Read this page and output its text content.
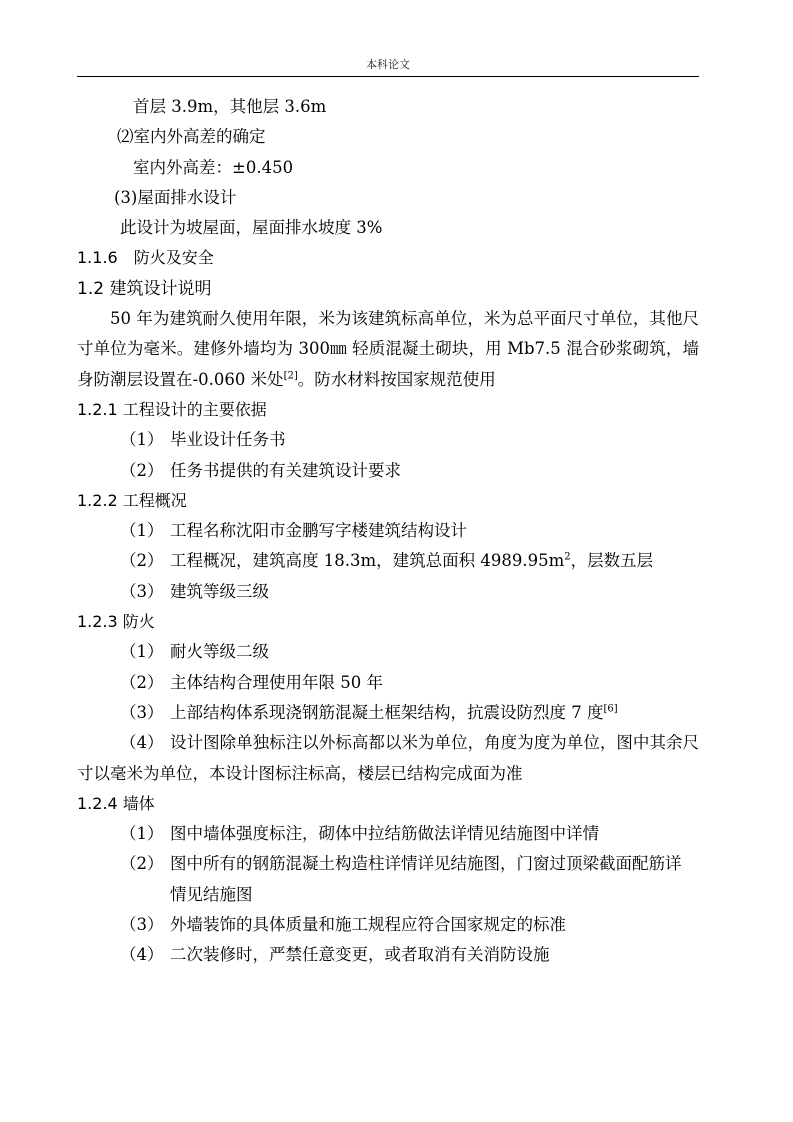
本科论文
首层 3.9m，其他层 3.6m
⑵室内外高差的确定
室内外高差：±0.450
(3)屋面排水设计
此设计为坡屋面，屋面排水坡度 3%
1.1.6　防火及安全
1.2 建筑设计说明
50 年为建筑耐久使用年限，米为该建筑标高单位，米为总平面尺寸单位，其他尺寸单位为毫米。建修外墙均为 300㎜ 轻质混凝土砌块，用 Mb7.5 混合砂浆砌筑，墙身防潮层设置在-0.060 米处[2]。防水材料按国家规范使用
1.2.1 工程设计的主要依据
（1） 毕业设计任务书
（2） 任务书提供的有关建筑设计要求
1.2.2 工程概况
（1） 工程名称沈阳市金鹏写字楼建筑结构设计
（2） 工程概况，建筑高度 18.3m，建筑总面积 $4989.95m^2$，层数五层
（3） 建筑等级三级
1.2.3 防火
（1） 耐火等级二级
（2） 主体结构合理使用年限 50 年
（3） 上部结构体系现浇钢筋混凝土框架结构，抗震设防烈度 7 度[6]
（4） 设计图除单独标注以外标高都以米为单位，角度为度为单位，图中其余尺寸以毫米为单位，本设计图标注标高，楼层已结构完成面为准
1.2.4 墙体
（1） 图中墙体强度标注，砌体中拉结筋做法详情见结施图中详情
（2） 图中所有的钢筋混凝土构造柱详情详见结施图，门窗过顶梁截面配筋详情见结施图
（3） 外墙装饰的具体质量和施工规程应符合国家规定的标准
（4） 二次装修时，严禁任意变更，或者取消有关消防设施
